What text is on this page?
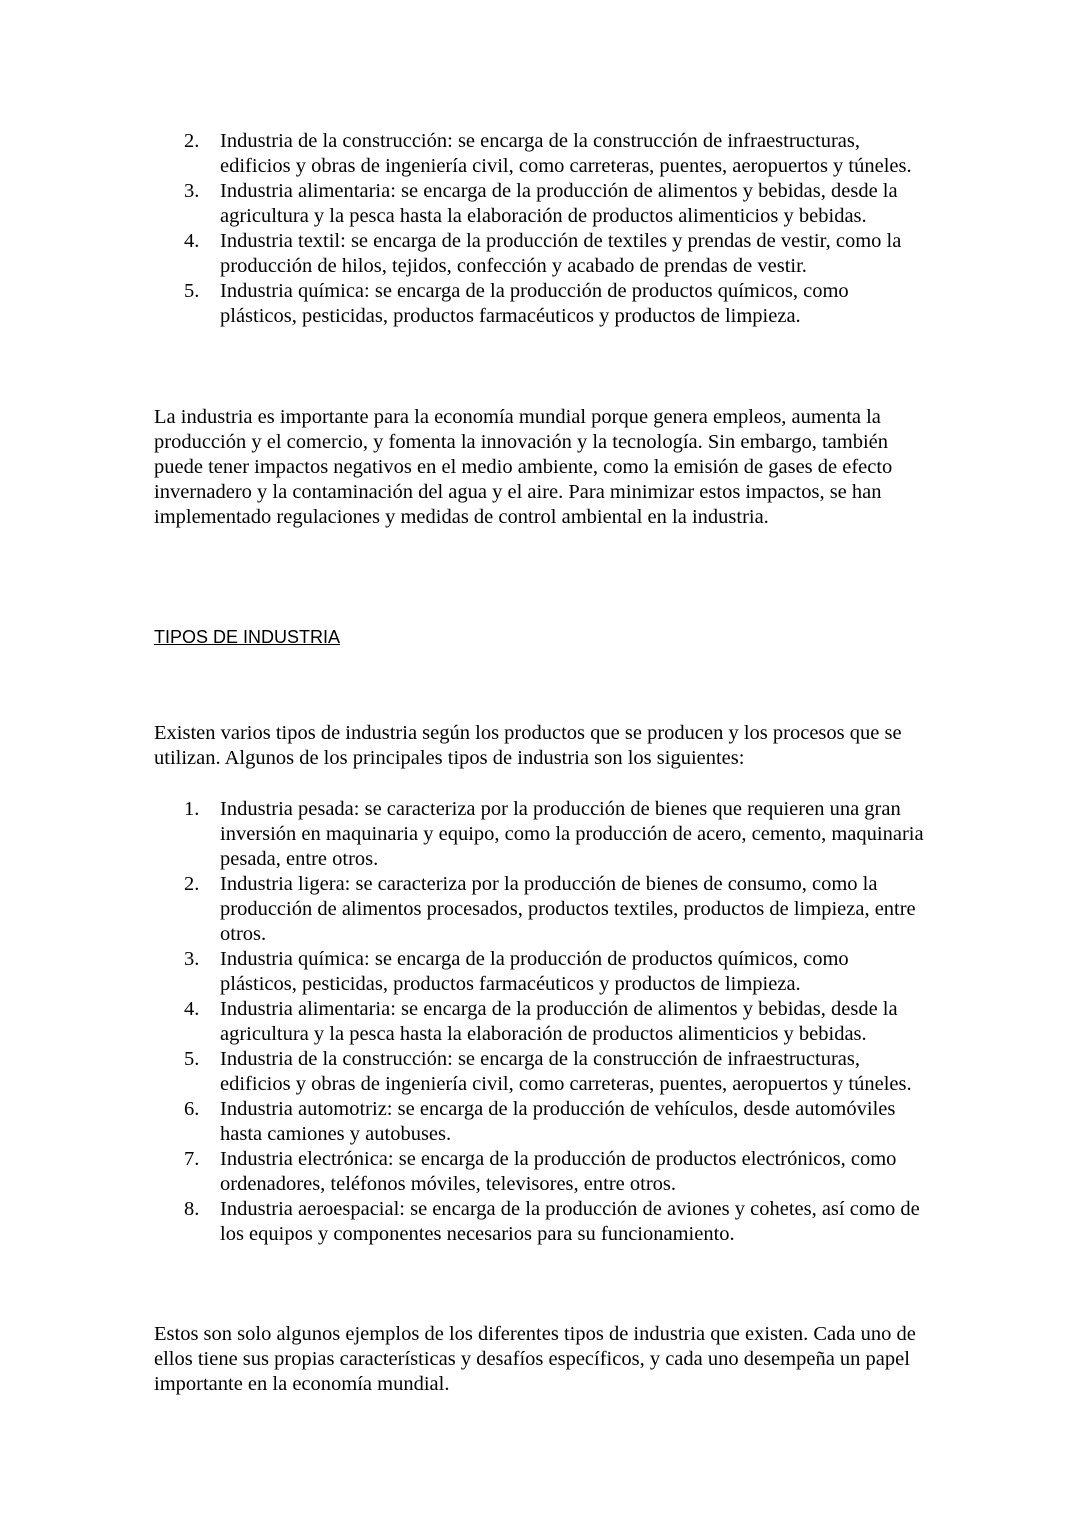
2. Industria de la construcción: se encarga de la construcción de infraestructuras, edificios y obras de ingeniería civil, como carreteras, puentes, aeropuertos y túneles.
3. Industria alimentaria: se encarga de la producción de alimentos y bebidas, desde la agricultura y la pesca hasta la elaboración de productos alimenticios y bebidas.
4. Industria textil: se encarga de la producción de textiles y prendas de vestir, como la producción de hilos, tejidos, confección y acabado de prendas de vestir.
5. Industria química: se encarga de la producción de productos químicos, como plásticos, pesticidas, productos farmacéuticos y productos de limpieza.

La industria es importante para la economía mundial porque genera empleos, aumenta la producción y el comercio, y fomenta la innovación y la tecnología. Sin embargo, también puede tener impactos negativos en el medio ambiente, como la emisión de gases de efecto invernadero y la contaminación del agua y el aire. Para minimizar estos impactos, se han implementado regulaciones y medidas de control ambiental en la industria.

TIPOS DE INDUSTRIA

Existen varios tipos de industria según los productos que se producen y los procesos que se utilizan. Algunos de los principales tipos de industria son los siguientes:

1. Industria pesada: se caracteriza por la producción de bienes que requieren una gran inversión en maquinaria y equipo, como la producción de acero, cemento, maquinaria pesada, entre otros.
2. Industria ligera: se caracteriza por la producción de bienes de consumo, como la producción de alimentos procesados, productos textiles, productos de limpieza, entre otros.
3. Industria química: se encarga de la producción de productos químicos, como plásticos, pesticidas, productos farmacéuticos y productos de limpieza.
4. Industria alimentaria: se encarga de la producción de alimentos y bebidas, desde la agricultura y la pesca hasta la elaboración de productos alimenticios y bebidas.
5. Industria de la construcción: se encarga de la construcción de infraestructuras, edificios y obras de ingeniería civil, como carreteras, puentes, aeropuertos y túneles.
6. Industria automotriz: se encarga de la producción de vehículos, desde automóviles hasta camiones y autobuses.
7. Industria electrónica: se encarga de la producción de productos electrónicos, como ordenadores, teléfonos móviles, televisores, entre otros.
8. Industria aeroespacial: se encarga de la producción de aviones y cohetes, así como de los equipos y componentes necesarios para su funcionamiento.

Estos son solo algunos ejemplos de los diferentes tipos de industria que existen. Cada uno de ellos tiene sus propias características y desafíos específicos, y cada uno desempeña un papel importante en la economía mundial.
